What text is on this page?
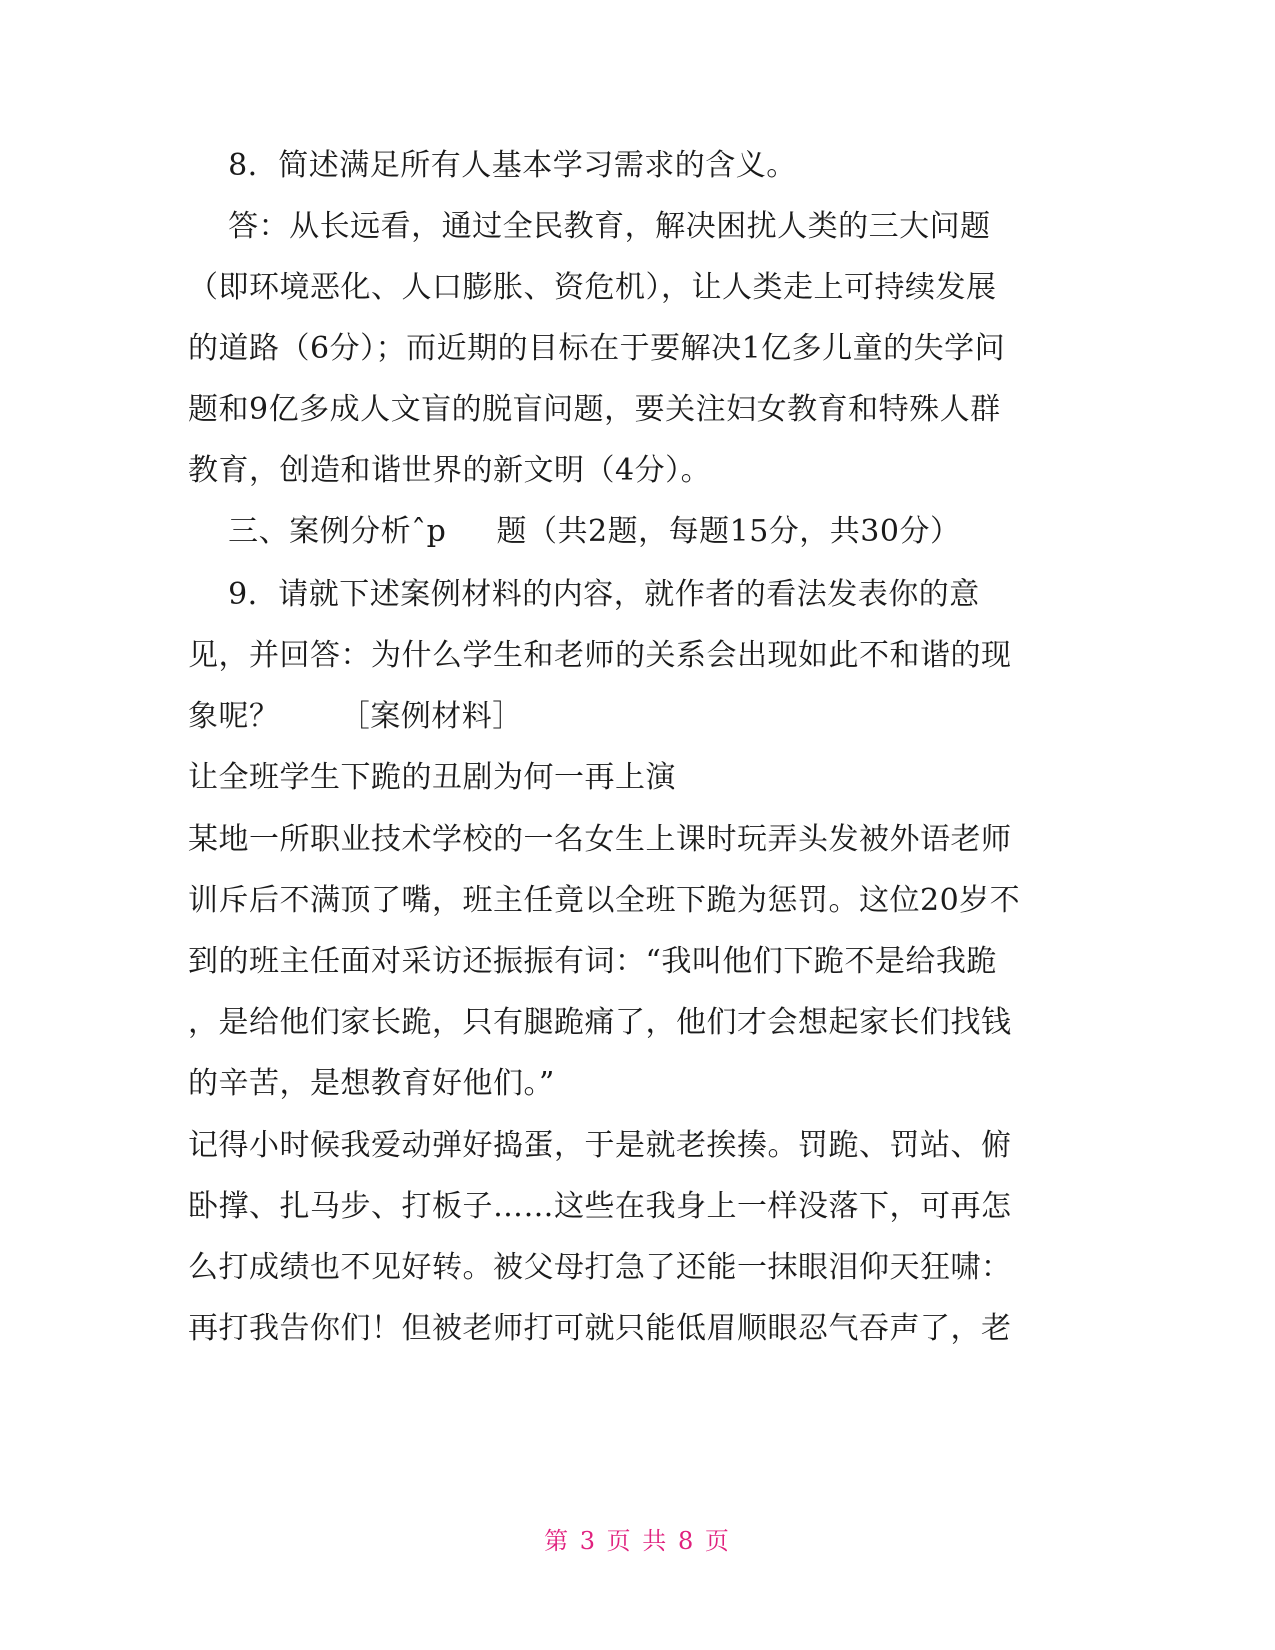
8．简述满足所有人基本学习需求的含义。
答：从长远看，通过全民教育，解决困扰人类的三大问题
（即环境恶化、人口膨胀、资危机），让人类走上可持续发展
的道路（6分）；而近期的目标在于要解决1亿多儿童的失学问
题和9亿多成人文盲的脱盲问题，要关注妇女教育和特殊人群
教育，创造和谐世界的新文明（4分）。
三、案例分析ˆp     题（共2题，每题15分，共30分）
9．请就下述案例材料的内容，就作者的看法发表你的意
见，并回答：为什么学生和老师的关系会出现如此不和谐的现
象呢？      ［案例材料］
让全班学生下跪的丑剧为何一再上演
某地一所职业技术学校的一名女生上课时玩弄头发被外语老师
训斥后不满顶了嘴，班主任竟以全班下跪为惩罚。这位20岁不
到的班主任面对采访还振振有词：“我叫他们下跪不是给我跪
，是给他们家长跪，只有腿跪痛了，他们才会想起家长们找钱
的辛苦，是想教育好他们。”
记得小时候我爱动弹好捣蛋，于是就老挨揍。罚跪、罚站、俯
卧撑、扎马步、打板子……这些在我身上一样没落下，可再怎
么打成绩也不见好转。被父母打急了还能一抹眼泪仰天狂啸：
再打我告你们！但被老师打可就只能低眉顺眼忍气吞声了，老
第 3 页 共 8 页
